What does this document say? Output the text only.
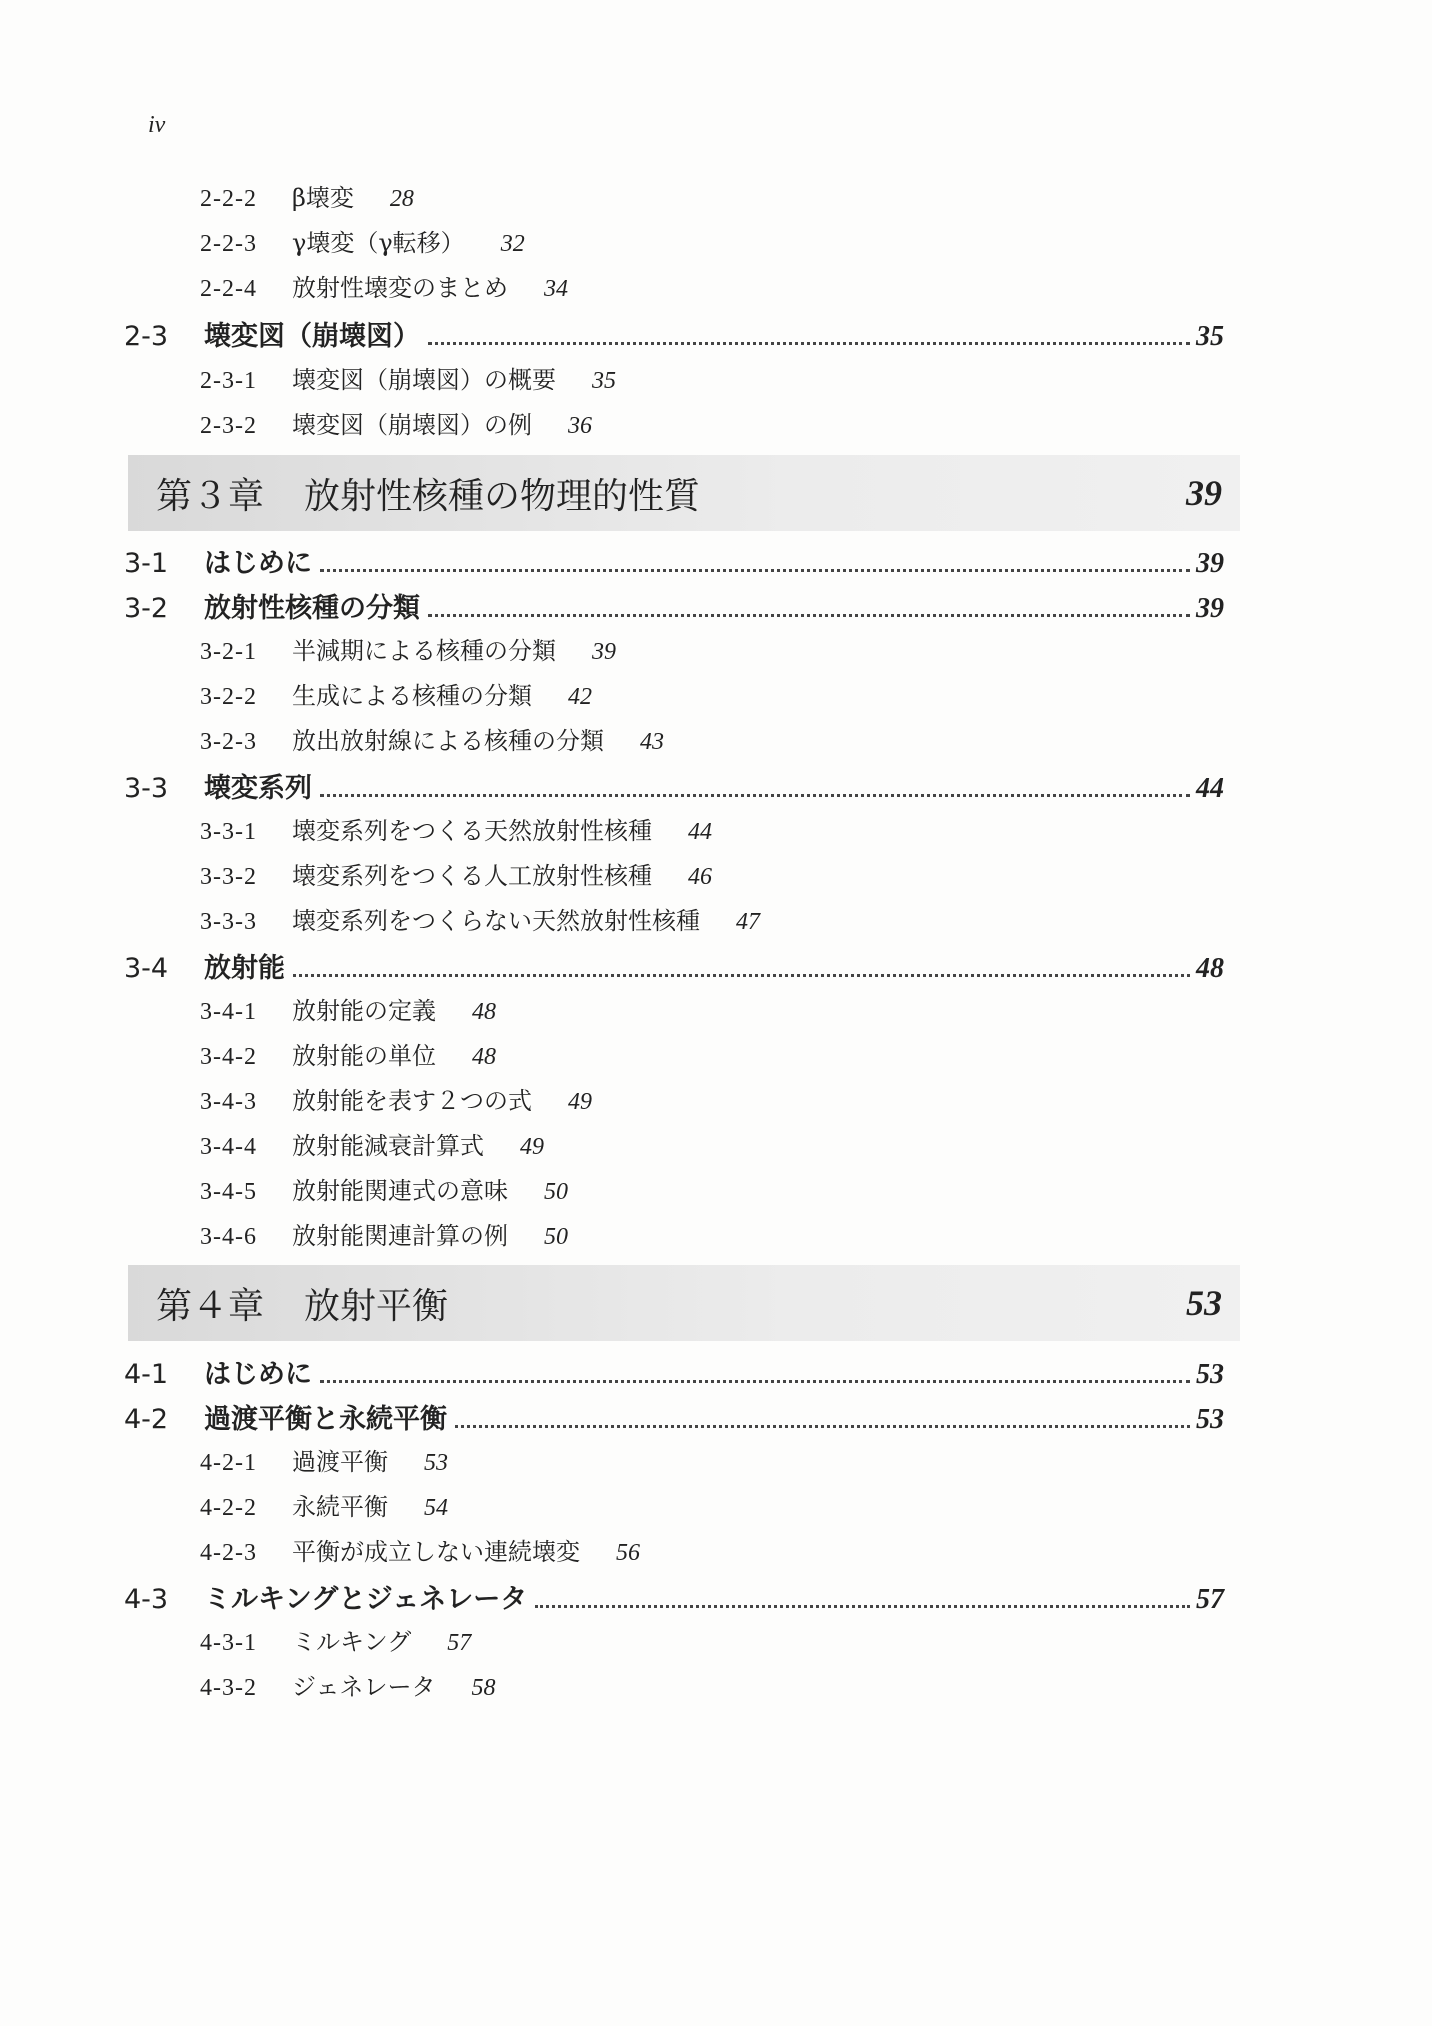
iv
2-2-2	β壊変 28
2-2-3	γ壊変（γ転移） 32
2-2-4	放射性壊変のまとめ 34
2-3	壊変図（崩壊図）	35
2-3-1	壊変図（崩壊図）の概要 35
2-3-2	壊変図（崩壊図）の例 36
第３章 放射性核種の物理的性質	39
3-1	はじめに	39
3-2	放射性核種の分類	39
3-2-1	半減期による核種の分類 39
3-2-2	生成による核種の分類 42
3-2-3	放出放射線による核種の分類 43
3-3	壊変系列	44
3-3-1	壊変系列をつくる天然放射性核種 44
3-3-2	壊変系列をつくる人工放射性核種 46
3-3-3	壊変系列をつくらない天然放射性核種 47
3-4	放射能	48
3-4-1	放射能の定義 48
3-4-2	放射能の単位 48
3-4-3	放射能を表す２つの式 49
3-4-4	放射能減衰計算式 49
3-4-5	放射能関連式の意味 50
3-4-6	放射能関連計算の例 50
第４章 放射平衡	53
4-1	はじめに	53
4-2	過渡平衡と永続平衡	53
4-2-1	過渡平衡 53
4-2-2	永続平衡 54
4-2-3	平衡が成立しない連続壊変 56
4-3	ミルキングとジェネレータ	57
4-3-1	ミルキング 57
4-3-2	ジェネレータ 58
